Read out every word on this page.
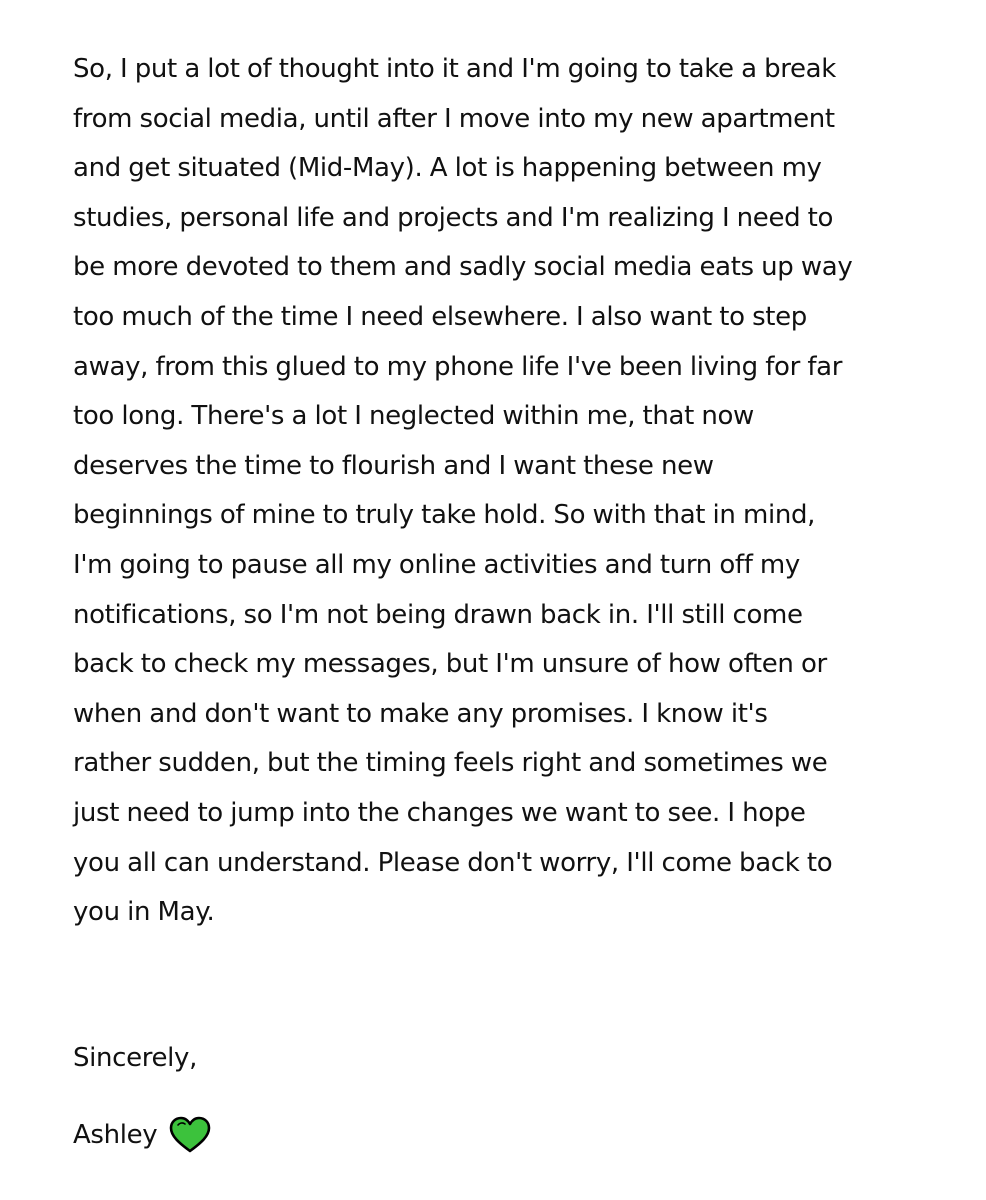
So, I put a lot of thought into it and I'm going to take a break
from social media, until after I move into my new apartment
and get situated (Mid-May). A lot is happening between my
studies, personal life and projects and I'm realizing I need to
be more devoted to them and sadly social media eats up way
too much of the time I need elsewhere. I also want to step
away, from this glued to my phone life I've been living for far
too long. There's a lot I neglected within me, that now
deserves the time to flourish and I want these new
beginnings of mine to truly take hold. So with that in mind,
I'm going to pause all my online activities and turn off my
notifications, so I'm not being drawn back in. I'll still come
back to check my messages, but I'm unsure of how often or
when and don't want to make any promises. I know it's
rather sudden, but the timing feels right and sometimes we
just need to jump into the changes we want to see. I hope
you all can understand. Please don't worry, I'll come back to
you in May.

Sincerely,

Ashley
